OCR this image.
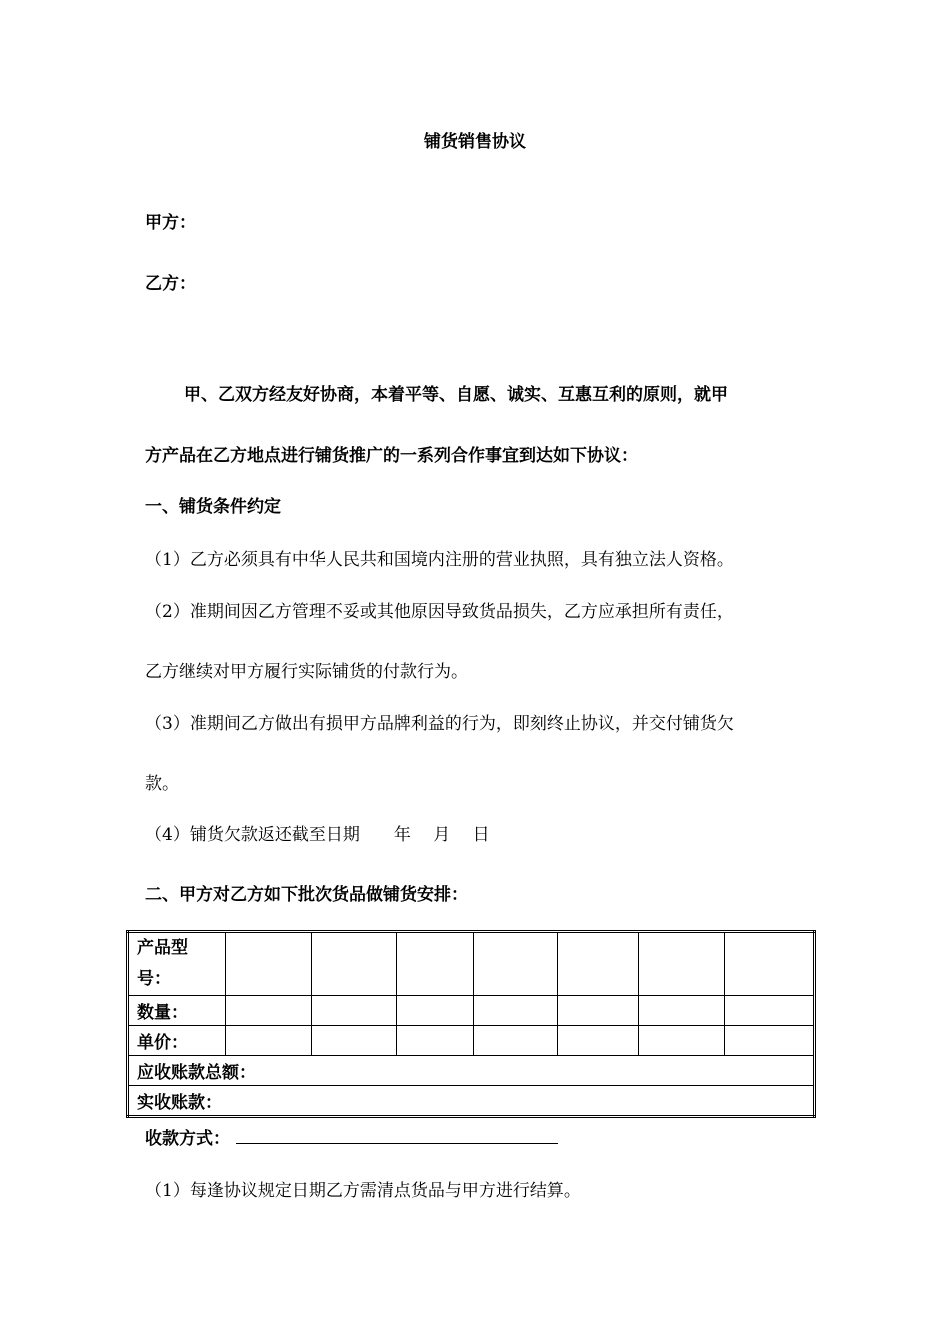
铺货销售协议
甲方：
乙方：
甲、乙双方经友好协商，本着平等、自愿、诚实、互惠互利的原则，就甲
方产品在乙方地点进行铺货推广的一系列合作事宜到达如下协议：
一、铺货条件约定
（1）乙方必须具有中华人民共和国境内注册的营业执照，具有独立法人资格。
（2）准期间因乙方管理不妥或其他原因导致货品损失，乙方应承担所有责任，
乙方继续对甲方履行实际铺货的付款行为。
（3）准期间乙方做出有损甲方品牌利益的行为，即刻终止协议，并交付铺货欠
款。
（4）铺货欠款返还截至日期　　年　 月　 日
二、甲方对乙方如下批次货品做铺货安排：
产品型号：							
数量：							
单价：							
应收账款总额：							
实收账款：							
收款方式：
（1）每逢协议规定日期乙方需清点货品与甲方进行结算。
